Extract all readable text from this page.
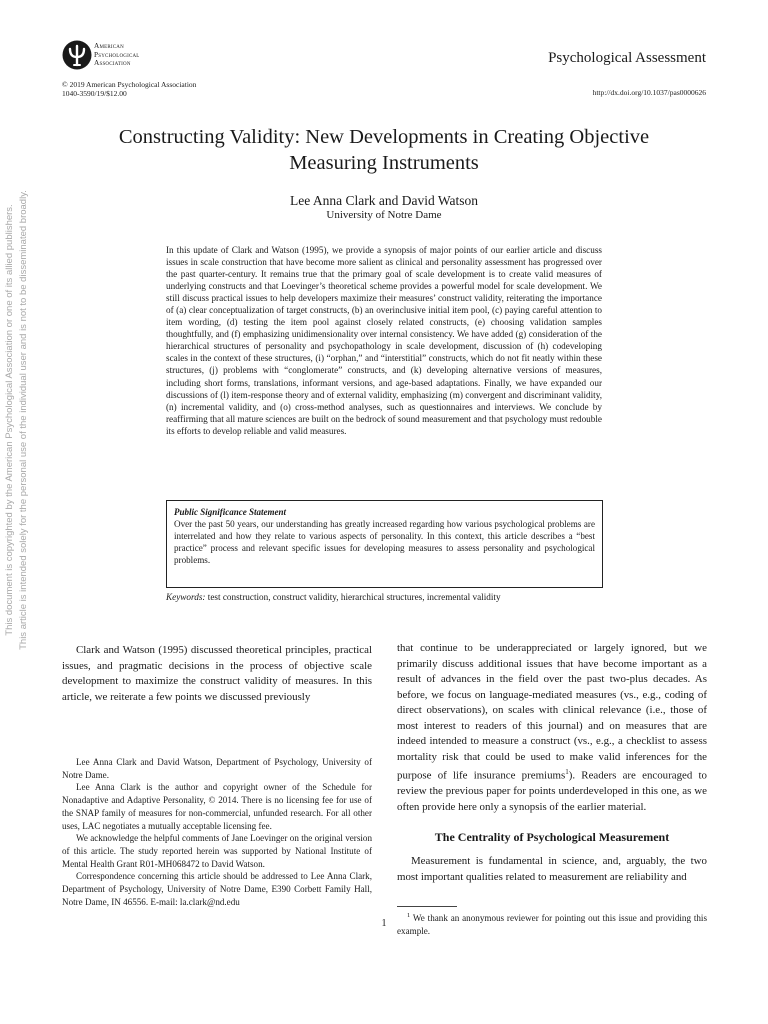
This document is copyrighted by the American Psychological Association or one of its allied publishers. This article is intended solely for the personal use of the individual user and is not to be disseminated broadly.
American
Psychological
Association	Psychological Assessment
© 2019 American Psychological Association
1040-3590/19/$12.00	http://dx.doi.org/10.1037/pas0000626
Constructing Validity: New Developments in Creating Objective
Measuring Instruments
Lee Anna Clark and David Watson
University of Notre Dame

In this update of Clark and Watson (1995), we provide a synopsis of major points of our earlier article and discuss issues in scale construction that have become more salient as clinical and personality assessment has progressed over the past quarter-century. It remains true that the primary goal of scale development is to create valid measures of underlying constructs and that Loevinger’s theoretical scheme provides a powerful model for scale development. We still discuss practical issues to help developers maximize their measures’ construct validity, reiterating the importance of (a) clear conceptualization of target constructs, (b) an overinclusive initial item pool, (c) paying careful attention to item wording, (d) testing the item pool against closely related constructs, (e) choosing validation samples thoughtfully, and (f) emphasizing unidimensionality over internal consistency. We have added (g) consideration of the hierarchical structures of personality and psychopathology in scale development, discussion of (h) codeveloping scales in the context of these structures, (i) “orphan,” and “interstitial” constructs, which do not fit neatly within these structures, (j) problems with “conglomerate” constructs, and (k) developing alternative versions of measures, including short forms, translations, informant versions, and age-based adaptations. Finally, we have expanded our discussions of (l) item-response theory and of external validity, emphasizing (m) convergent and discriminant validity, (n) incremental validity, and (o) cross-method analyses, such as questionnaires and interviews. We conclude by reaffirming that all mature sciences are built on the bedrock of sound measurement and that psychology must redouble its efforts to develop reliable and valid measures.

Public Significance Statement

Over the past 50 years, our understanding has greatly increased regarding how various psychological problems are interrelated and how they relate to various aspects of personality. In this context, this article describes a “best practice” process and relevant specific issues for developing measures to assess personality and psychological problems.

Keywords: test construction, construct validity, hierarchical structures, incremental validity

Clark and Watson (1995) discussed theoretical principles, practical issues, and pragmatic decisions in the process of objective scale development to maximize the construct validity of measures. In this article, we reiterate a few points we discussed previously

Lee Anna Clark and David Watson, Department of Psychology, University of Notre Dame.

Lee Anna Clark is the author and copyright owner of the Schedule for Nonadaptive and Adaptive Personality, © 2014. There is no licensing fee for use of the SNAP family of measures for non-commercial, unfunded research. For all other uses, LAC negotiates a mutually acceptable licensing fee.

We acknowledge the helpful comments of Jane Loevinger on the original version of this article. The study reported herein was supported by National Institute of Mental Health Grant R01-MH068472 to David Watson.

Correspondence concerning this article should be addressed to Lee Anna Clark, Department of Psychology, University of Notre Dame, E390 Corbett Family Hall, Notre Dame, IN 46556. E-mail: la.clark@nd.edu

that continue to be underappreciated or largely ignored, but we primarily discuss additional issues that have become important as a result of advances in the field over the past two-plus decades. As before, we focus on language-mediated measures (vs., e.g., coding of direct observations), on scales with clinical relevance (i.e., those of most interest to readers of this journal) and on measures that are indeed intended to measure a construct (vs., e.g., a checklist to assess mortality risk that could be used to make valid inferences for the purpose of life insurance premiums$^1$). Readers are encouraged to review the previous paper for points underdeveloped in this one, as we often provide here only a synopsis of the earlier material.

The Centrality of Psychological Measurement

Measurement is fundamental in science, and, arguably, the two most important qualities related to measurement are reliability and

$^1$ We thank an anonymous reviewer for pointing out this issue and providing this example.
1
